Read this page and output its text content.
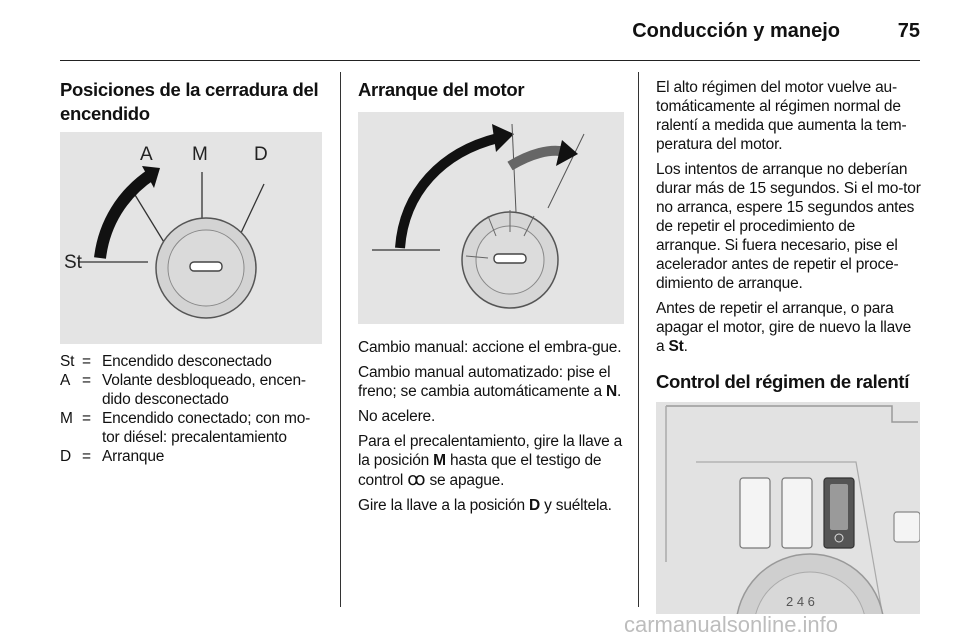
Conducción y manejo	75
Posiciones de la cerradura del encendido
A M D
St
St = Encendido desconectado
A = Volante desbloqueado, encen-dido desconectado
M = Encendido conectado; con mo-tor diésel: precalentamiento
D = Arranque
Arranque del motor

Cambio manual: accione el embra-gue.

Cambio manual automatizado: pise el freno; se cambia automáticamente a N.

No acelere.

Para el precalentamiento, gire la llave a la posición M hasta que el testigo de control ꝏ se apague.

Gire la llave a la posición D y suéltela.

El alto régimen del motor vuelve au-tomáticamente al régimen normal de ralentí a medida que aumenta la tem-peratura del motor.

Los intentos de arranque no deberían durar más de 15 segundos. Si el mo-tor no arranca, espere 15 segundos antes de repetir el procedimiento de arranque. Si fuera necesario, pise el acelerador antes de repetir el proce-dimiento de arranque.

Antes de repetir el arranque, o para apagar el motor, gire de nuevo la llave a St.

Control del régimen de ralentí
2 4 6
carmanualsonline.info
